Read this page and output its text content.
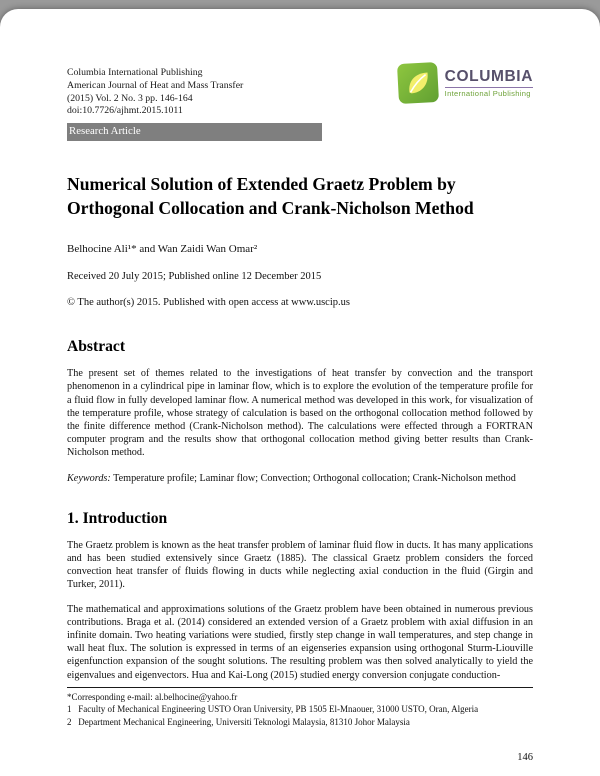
Columbia International Publishing
American Journal of Heat and Mass Transfer
(2015) Vol. 2 No. 3 pp. 146-164
doi:10.7726/ajhmt.2015.1011
COLUMBIA
International Publishing
Research Article
Numerical Solution of Extended Graetz Problem by Orthogonal Collocation and Crank-Nicholson Method
Belhocine Ali¹* and Wan Zaidi Wan Omar²
Received 20 July 2015; Published online 12 December 2015
© The author(s) 2015. Published with open access at www.uscip.us
Abstract
The present set of themes related to the investigations of heat transfer by convection and the transport phenomenon in a cylindrical pipe in laminar flow, which is to explore the evolution of the temperature profile for a fluid flow in fully developed laminar flow. A numerical method was developed in this work, for visualization of the temperature profile, whose strategy of calculation is based on the orthogonal collocation method followed by the finite difference method (Crank-Nicholson method). The calculations were effected through a FORTRAN computer program and the results show that orthogonal collocation method giving better results than Crank-Nicholson method.
Keywords: Temperature profile; Laminar flow; Convection; Orthogonal collocation; Crank-Nicholson method
1. Introduction
The Graetz problem is known as the heat transfer problem of laminar fluid flow in ducts. It has many applications and has been studied extensively since Graetz (1885). The classical Graetz problem considers the forced convection heat transfer of fluids flowing in ducts while neglecting axial conduction in the fluid (Girgin and Turker, 2011).
The mathematical and approximations solutions of the Graetz problem have been obtained in numerous previous contributions. Braga et al. (2014) considered an extended version of a Graetz problem with axial diffusion in an infinite domain. Two heating variations were studied, firstly step change in wall temperatures, and step change in wall heat flux. The solution is expressed in terms of an eigenseries expansion using orthogonal Sturm-Liouville eigenfunction expansion of the sought solutions. The resulting problem was then solved analytically to yield the eigenvalues and eigenvectors. Hua and Kai-Long (2015) studied energy conversion conjugate conduction-
*Corresponding e-mail: al.belhocine@yahoo.fr
1   Faculty of Mechanical Engineering USTO Oran University, PB 1505 El-Mnaouer, 31000 USTO, Oran, Algeria
2   Department Mechanical Engineering, Universiti Teknologi Malaysia, 81310 Johor Malaysia
146
